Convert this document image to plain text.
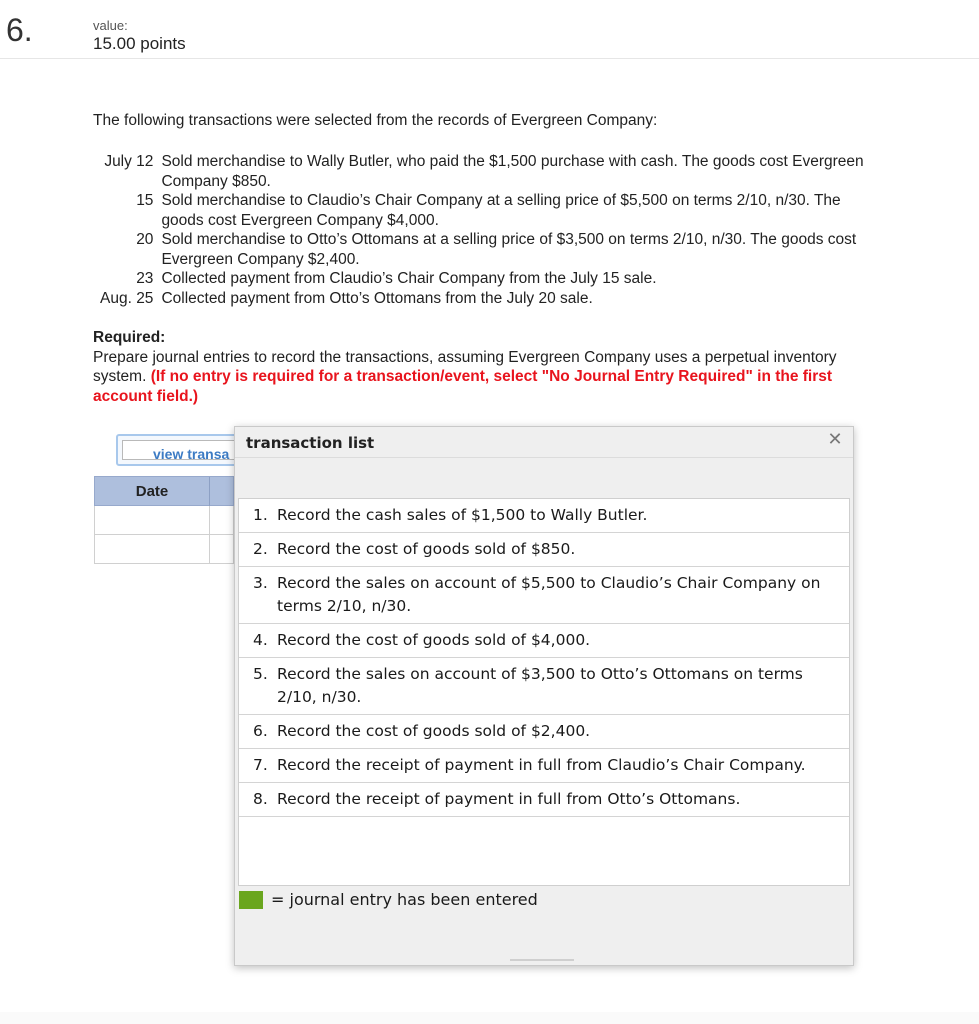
6.	value:
15.00 points
The following transactions were selected from the records of Evergreen Company:
July 12	Sold merchandise to Wally Butler, who paid the $1,500 purchase with cash. The goods cost Evergreen Company $850.
15	Sold merchandise to Claudio’s Chair Company at a selling price of $5,500 on terms 2/10, n/30. The goods cost Evergreen Company $4,000.
20	Sold merchandise to Otto’s Ottomans at a selling price of $3,500 on terms 2/10, n/30. The goods cost Evergreen Company $2,400.
23	Collected payment from Claudio’s Chair Company from the July 15 sale.
Aug. 25	Collected payment from Otto’s Ottomans from the July 20 sale.
Required:
Prepare journal entries to record the transactions, assuming Evergreen Company uses a perpetual inventory system. (If no entry is required for a transaction/event, select "No Journal Entry Required" in the first account field.)
view transa
Date
transaction list	✕
1. Record the cash sales of $1,500 to Wally Butler.
2. Record the cost of goods sold of $850.
3. Record the sales on account of $5,500 to Claudio’s Chair Company on terms 2/10, n/30.
4. Record the cost of goods sold of $4,000.
5. Record the sales on account of $3,500 to Otto’s Ottomans on terms 2/10, n/30.
6. Record the cost of goods sold of $2,400.
7. Record the receipt of payment in full from Claudio’s Chair Company.
8. Record the receipt of payment in full from Otto’s Ottomans.
= journal entry has been entered
